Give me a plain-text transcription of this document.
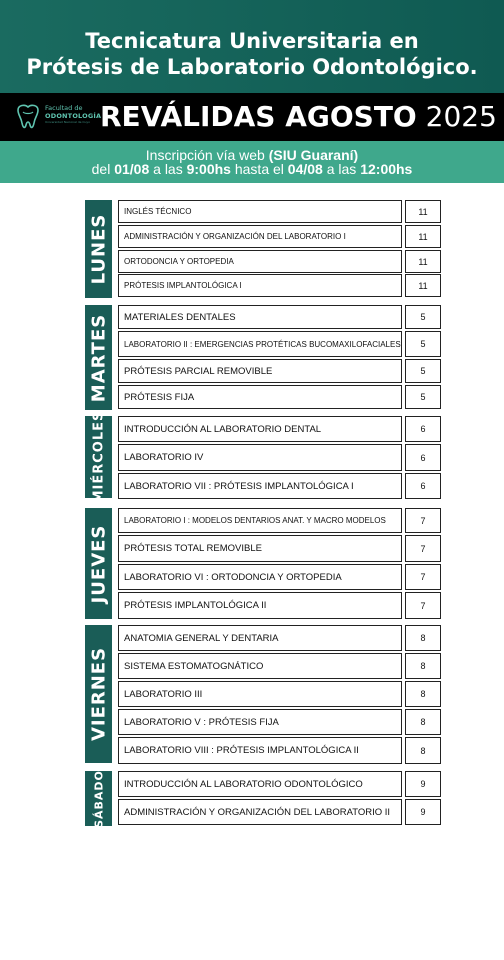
Tecnicatura Universitaria en
Prótesis de Laboratorio Odontológico.
Facultad de
ODONTOLOGÍA
Universidad Nacional de Cuyo REVÁLIDAS AGOSTO 2025
Inscripción vía web (SIU Guaraní)
del 01/08 a las 9:00hs hasta el 04/08 a las 12:00hs
LUNES
INGLÉS TÉCNICO	11
ADMINISTRACIÓN Y ORGANIZACIÓN DEL LABORATORIO I	11
ORTODONCIA Y ORTOPEDIA	11
PRÓTESIS IMPLANTOLÓGICA I	11
MARTES	MATERIALES DENTALES	5
LABORATORIO II : EMERGENCIAS PROTÉTICAS BUCOMAXILOFACIALES	5
PRÓTESIS PARCIAL REMOVIBLE	5
PRÓTESIS FIJA	5
MIÉRCOLES	INTRODUCCIÓN AL LABORATORIO DENTAL	6
LABORATORIO IV	6
LABORATORIO VII : PRÓTESIS IMPLANTOLÓGICA I	6
JUEVES
LABORATORIO I : MODELOS DENTARIOS ANAT. Y MACRO MODELOS	7
PRÓTESIS TOTAL REMOVIBLE	7
LABORATORIO VI : ORTODONCIA Y ORTOPEDIA	7
PRÓTESIS IMPLANTOLÓGICA II	7
VIERNES
ANATOMIA GENERAL Y DENTARIA	8
SISTEMA ESTOMATOGNÁTICO	8
LABORATORIO III	8
LABORATORIO V : PRÓTESIS FIJA	8
LABORATORIO VIII : PRÓTESIS IMPLANTOLÓGICA II	8
SÁBADO	INTRODUCCIÓN AL LABORATORIO ODONTOLÓGICO	9
ADMINISTRACIÓN Y ORGANIZACIÓN DEL LABORATORIO II	9
